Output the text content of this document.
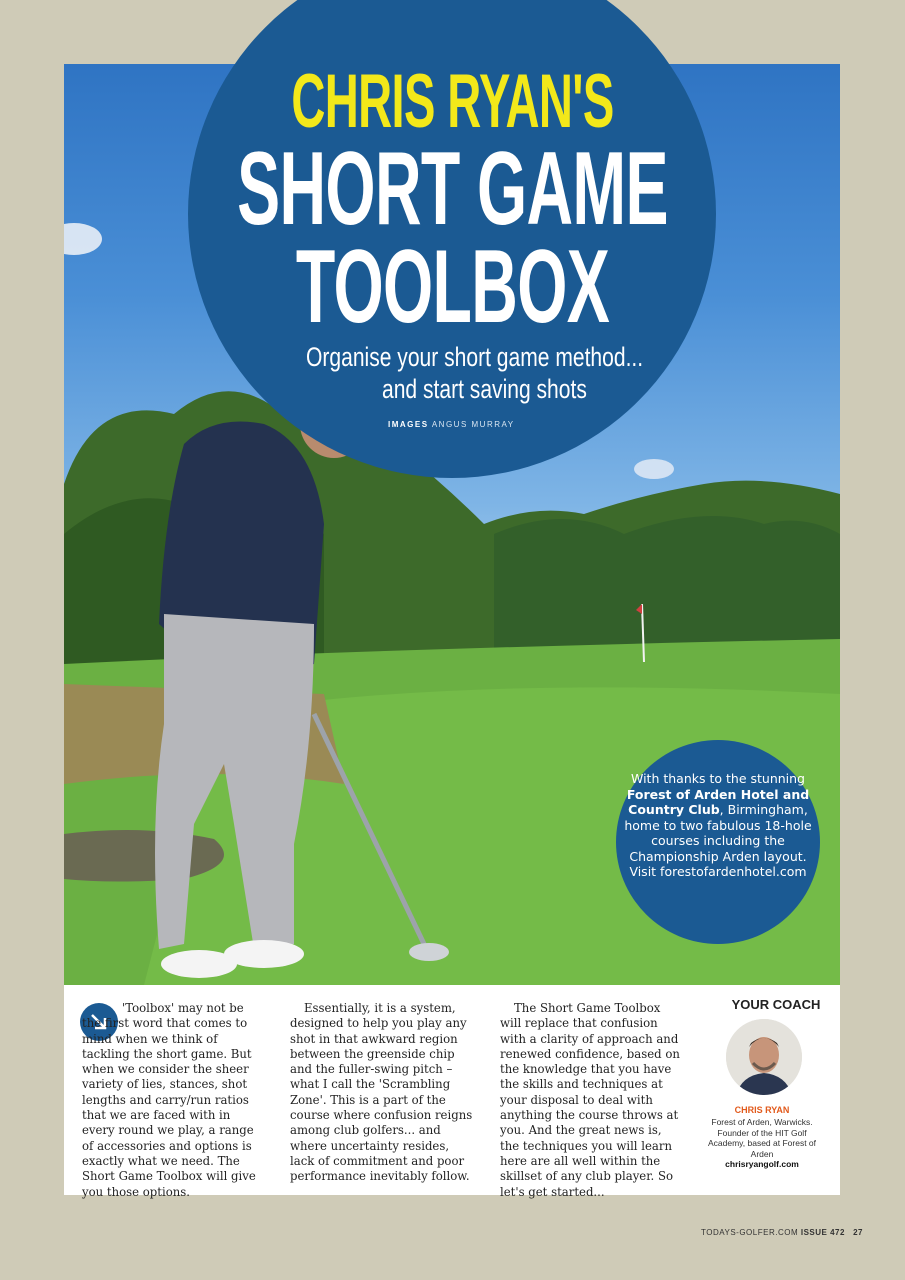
CHRIS RYAN'S
SHORT GAME
TOOLBOX
Organise your short game method...
and start saving shots
IMAGES ANGUS MURRAY
With thanks to the stunning Forest of Arden Hotel and Country Club, Birmingham, home to two fabulous 18-hole courses including the Championship Arden layout. Visit forestofardenhotel.com
'Toolbox' may not be the first word that comes to mind when we think of tackling the short game. But when we consider the sheer variety of lies, stances, shot lengths and carry/run ratios that we are faced with in every round we play, a range of accessories and options is exactly what we need. The Short Game Toolbox will give you those options.
Essentially, it is a system, designed to help you play any shot in that awkward region between the greenside chip and the fuller-swing pitch – what I call the 'Scrambling Zone'. This is a part of the course where confusion reigns among club golfers... and where uncertainty resides, lack of commitment and poor performance inevitably follow.
The Short Game Toolbox will replace that confusion with a clarity of approach and renewed confidence, based on the knowledge that you have the skills and techniques at your disposal to deal with anything the course throws at you. And the great news is, the techniques you will learn here are all well within the skillset of any club player. So let's get started...
YOUR COACH
CHRIS RYAN
Forest of Arden, Warwicks. Founder of the HIT Golf Academy, based at Forest of Arden
chrisryangolf.com
TODAYS-GOLFER.COM ISSUE 472 27
